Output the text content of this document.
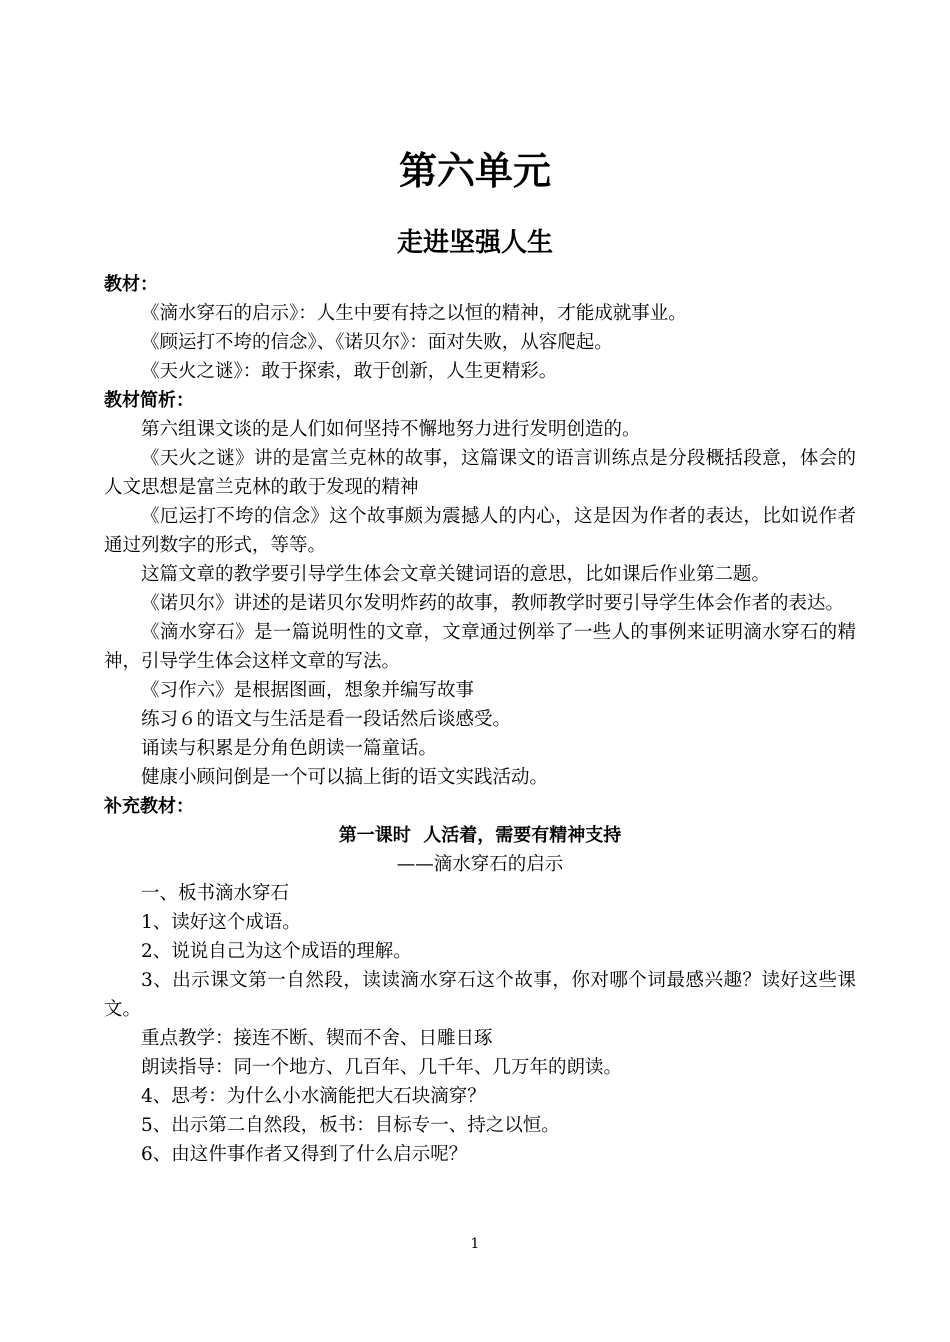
第六单元
走进坚强人生

教材：

《滴水穿石的启示》：人生中要有持之以恒的精神，才能成就事业。

《顾运打不垮的信念》、《诺贝尔》：面对失败，从容爬起。

《天火之谜》：敢于探索，敢于创新，人生更精彩。

教材简析：

第六组课文谈的是人们如何坚持不懈地努力进行发明创造的。

《天火之谜》讲的是富兰克林的故事，这篇课文的语言训练点是分段概括段意，体会的人文思想是富兰克林的敢于发现的精神

《厄运打不垮的信念》这个故事颇为震撼人的内心，这是因为作者的表达，比如说作者通过列数字的形式，等等。

这篇文章的教学要引导学生体会文章关键词语的意思，比如课后作业第二题。

《诺贝尔》讲述的是诺贝尔发明炸药的故事，教师教学时要引导学生体会作者的表达。

《滴水穿石》是一篇说明性的文章，文章通过例举了一些人的事例来证明滴水穿石的精神，引导学生体会这样文章的写法。

《习作六》是根据图画，想象并编写故事

练习６的语文与生活是看一段话然后谈感受。

诵读与积累是分角色朗读一篇童话。

健康小顾问倒是一个可以搞上街的语文实践活动。

补充教材：

第一课时  人活着，需要有精神支持

——滴水穿石的启示

一、板书滴水穿石

1、读好这个成语。

2、说说自己为这个成语的理解。

3、出示课文第一自然段，读读滴水穿石这个故事，你对哪个词最感兴趣？读好这些课文。

重点教学：接连不断、锲而不舍、日雕日琢

朗读指导：同一个地方、几百年、几千年、几万年的朗读。

4、思考：为什么小水滴能把大石块滴穿？

5、出示第二自然段，板书：目标专一、持之以恒。

6、由这件事作者又得到了什么启示呢？

1
